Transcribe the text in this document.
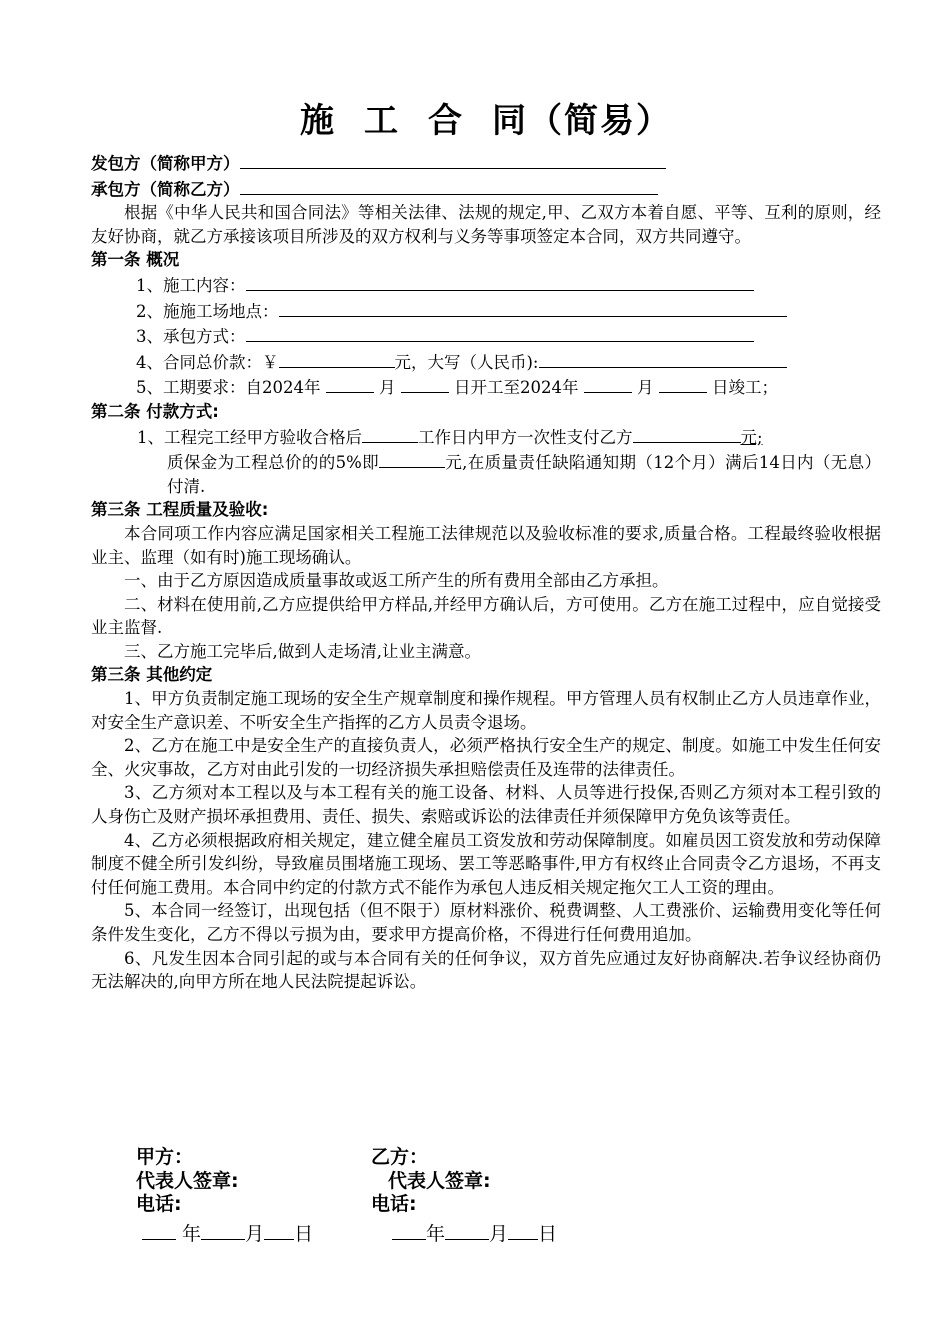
施 工 合 同（简易）
发包方（简称甲方）
承包方（简称乙方）
根据《中华人民共和国合同法》等相关法律、法规的规定,甲、乙双方本着自愿、平等、互利的原则，经友好协商，就乙方承接该项目所涉及的双方权利与义务等事项签定本合同，双方共同遵守。
第一条 概况
1、施工内容：
2、施施工场地点：
3、承包方式：
4、合同总价款：￥	元，大写（人民币):
5、工期要求：自2024年	月	日开工至2024年	月	日竣工；
第二条 付款方式:
1、工程完工经甲方验收合格后	工作日内甲方一次性支付乙方	元;
质保金为工程总价的的5%即	元,在质量责任缺陷通知期（12个月）满后14日内（无息）付清.
第三条 工程质量及验收:
本合同项工作内容应满足国家相关工程施工法律规范以及验收标准的要求,质量合格。工程最终验收根据业主、监理（如有时)施工现场确认。
一、由于乙方原因造成质量事故或返工所产生的所有费用全部由乙方承担。
二、材料在使用前,乙方应提供给甲方样品,并经甲方确认后，方可使用。乙方在施工过程中，应自觉接受业主监督.
三、乙方施工完毕后,做到人走场清,让业主满意。
第三条 其他约定
1、甲方负责制定施工现场的安全生产规章制度和操作规程。甲方管理人员有权制止乙方人员违章作业，对安全生产意识差、不听安全生产指挥的乙方人员责令退场。
2、乙方在施工中是安全生产的直接负责人，必须严格执行安全生产的规定、制度。如施工中发生任何安全、火灾事故，乙方对由此引发的一切经济损失承担赔偿责任及连带的法律责任。
3、乙方须对本工程以及与本工程有关的施工设备、材料、人员等进行投保,否则乙方须对本工程引致的人身伤亡及财产损坏承担费用、责任、损失、索赔或诉讼的法律责任并须保障甲方免负该等责任。
4、乙方必须根据政府相关规定，建立健全雇员工资发放和劳动保障制度。如雇员因工资发放和劳动保障制度不健全所引发纠纷，导致雇员围堵施工现场、罢工等恶略事件,甲方有权终止合同责令乙方退场，不再支付任何施工费用。本合同中约定的付款方式不能作为承包人违反相关规定拖欠工人工资的理由。
5、本合同一经签订，出现包括（但不限于）原材料涨价、税费调整、人工费涨价、运输费用变化等任何条件发生变化，乙方不得以亏损为由，要求甲方提高价格，不得进行任何费用追加。
6、凡发生因本合同引起的或与本合同有关的任何争议，双方首先应通过友好协商解决.若争议经协商仍无法解决的,向甲方所在地人民法院提起诉讼。
甲方：	乙方：
代表人签章:	代表人签章:
电话:	电话:
年 月 日	年 月 日
